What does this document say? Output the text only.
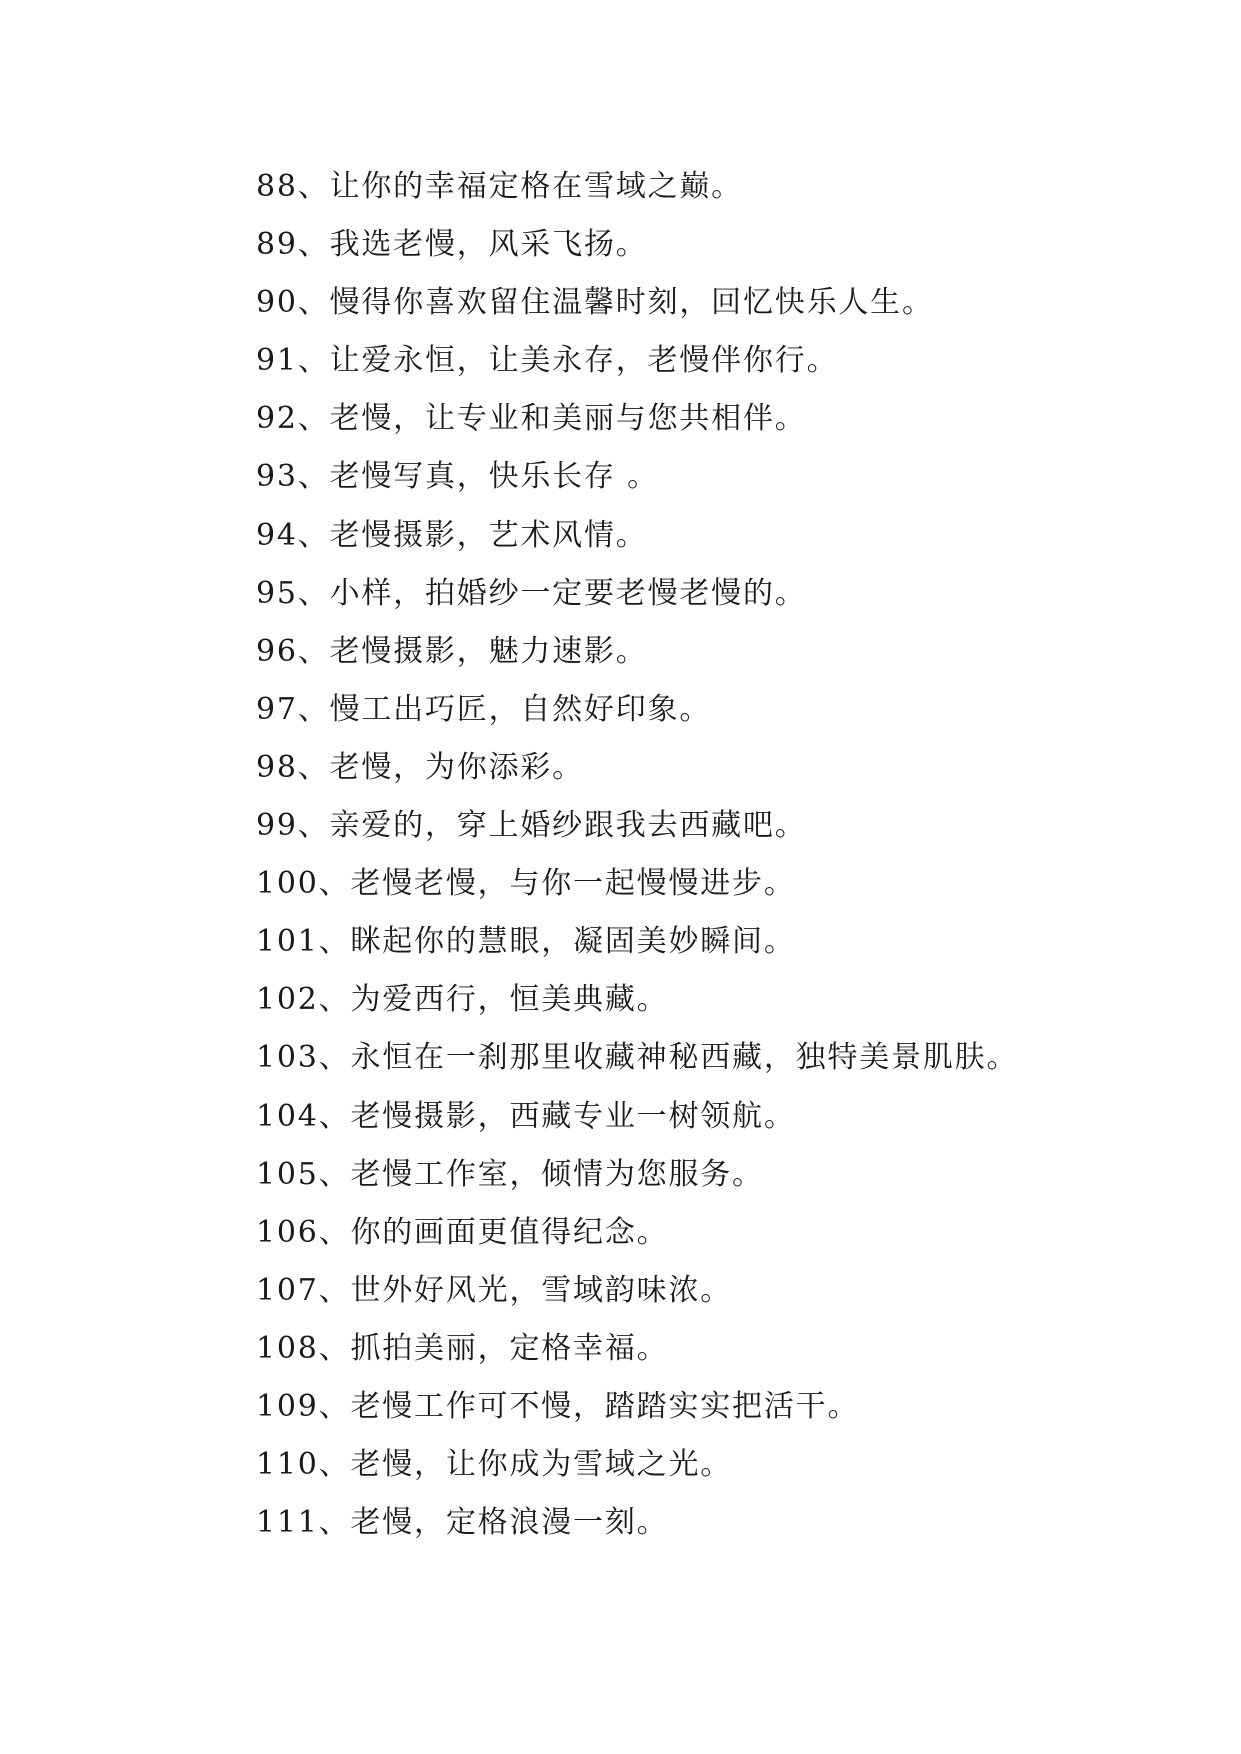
88、让你的幸福定格在雪域之巅。
89、我选老慢，风采飞扬。
90、慢得你喜欢留住温馨时刻，回忆快乐人生。
91、让爱永恒，让美永存，老慢伴你行。
92、老慢，让专业和美丽与您共相伴。
93、老慢写真，快乐长存 。
94、老慢摄影，艺术风情。
95、小样，拍婚纱一定要老慢老慢的。
96、老慢摄影，魅力速影。
97、慢工出巧匠，自然好印象。
98、老慢，为你添彩。
99、亲爱的，穿上婚纱跟我去西藏吧。
100、老慢老慢，与你一起慢慢进步。
101、眯起你的慧眼，凝固美妙瞬间。
102、为爱西行，恒美典藏。
103、永恒在一刹那里收藏神秘西藏，独特美景肌肤。
104、老慢摄影，西藏专业一树领航。
105、老慢工作室，倾情为您服务。
106、你的画面更值得纪念。
107、世外好风光，雪域韵味浓。
108、抓拍美丽，定格幸福。
109、老慢工作可不慢，踏踏实实把活干。
110、老慢，让你成为雪域之光。
111、老慢，定格浪漫一刻。
